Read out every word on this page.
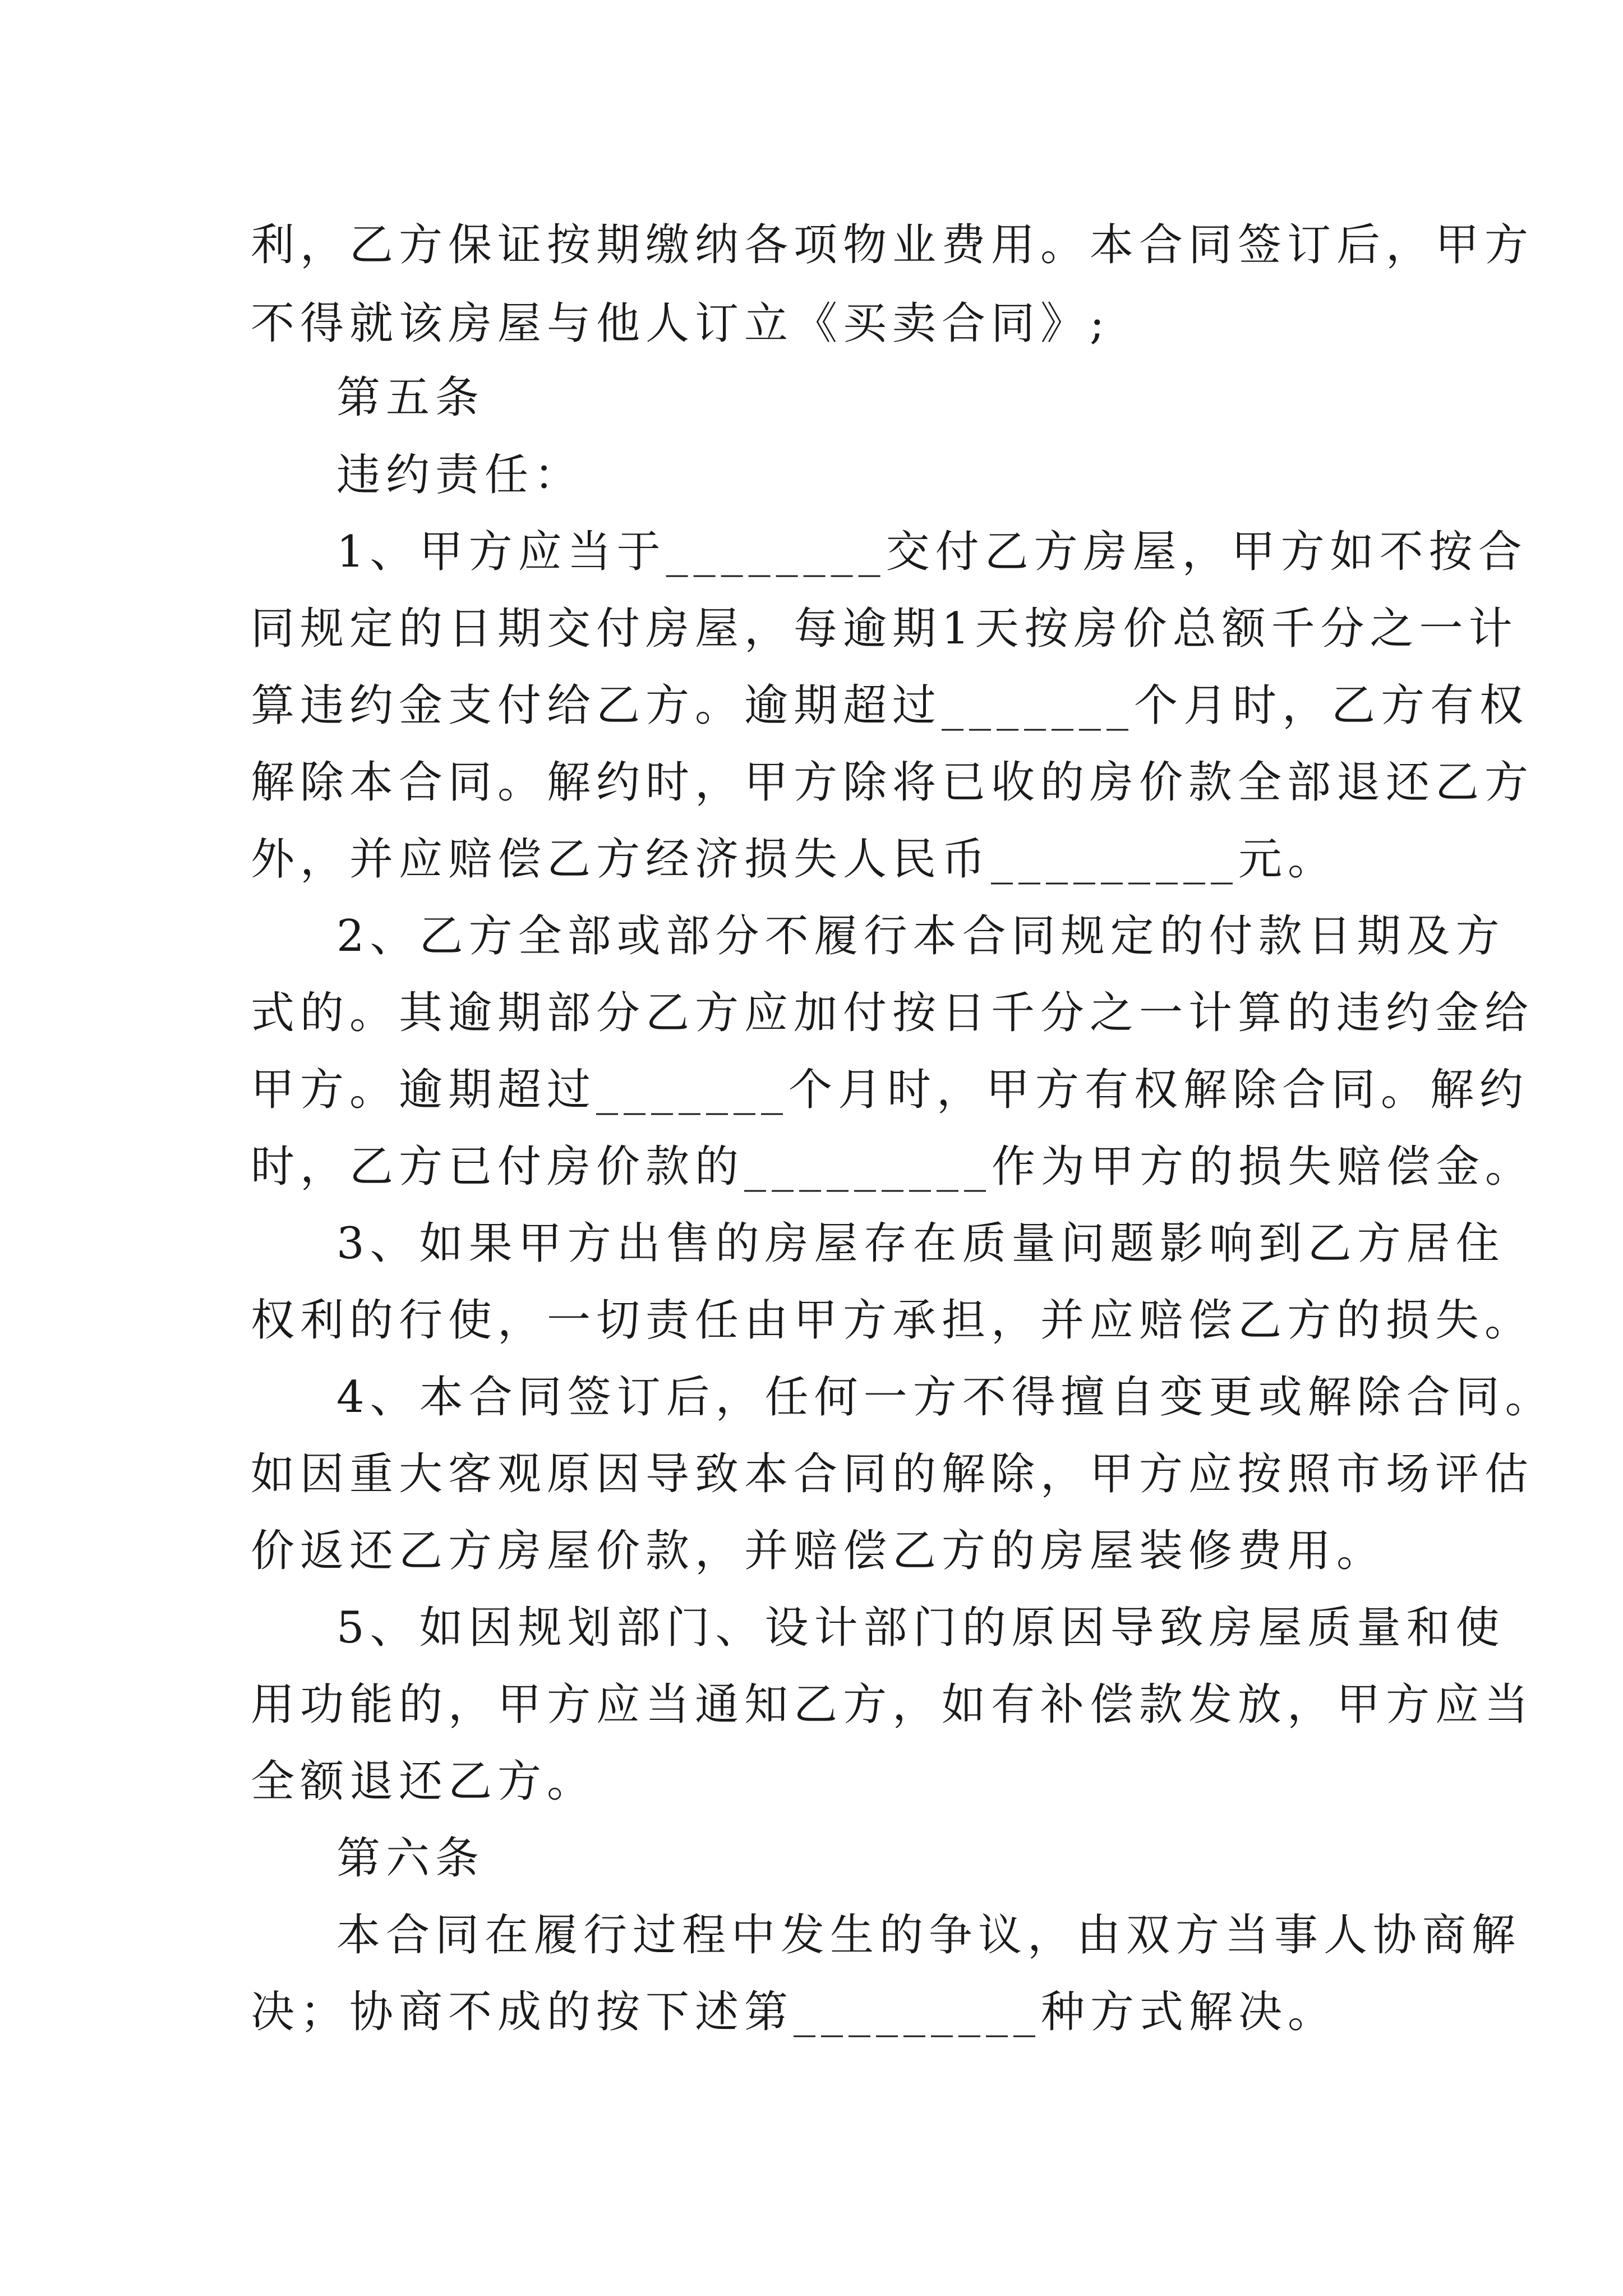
利，乙方保证按期缴纳各项物业费用。本合同签订后，甲方
不得就该房屋与他人订立《买卖合同》;
第五条
违约责任：
1、甲方应当于________交付乙方房屋，甲方如不按合
同规定的日期交付房屋，每逾期1天按房价总额千分之一计
算违约金支付给乙方。逾期超过_______个月时，乙方有权
解除本合同。解约时，甲方除将已收的房价款全部退还乙方
外，并应赔偿乙方经济损失人民币_________元。
2、乙方全部或部分不履行本合同规定的付款日期及方
式的。其逾期部分乙方应加付按日千分之一计算的违约金给
甲方。逾期超过_______个月时，甲方有权解除合同。解约
时，乙方已付房价款的_________作为甲方的损失赔偿金。
3、如果甲方出售的房屋存在质量问题影响到乙方居住
权利的行使，一切责任由甲方承担，并应赔偿乙方的损失。
4、本合同签订后，任何一方不得擅自变更或解除合同。
如因重大客观原因导致本合同的解除，甲方应按照市场评估
价返还乙方房屋价款，并赔偿乙方的房屋装修费用。
5、如因规划部门、设计部门的原因导致房屋质量和使
用功能的，甲方应当通知乙方，如有补偿款发放，甲方应当
全额退还乙方。
第六条
本合同在履行过程中发生的争议，由双方当事人协商解
决；协商不成的按下述第_________种方式解决。
